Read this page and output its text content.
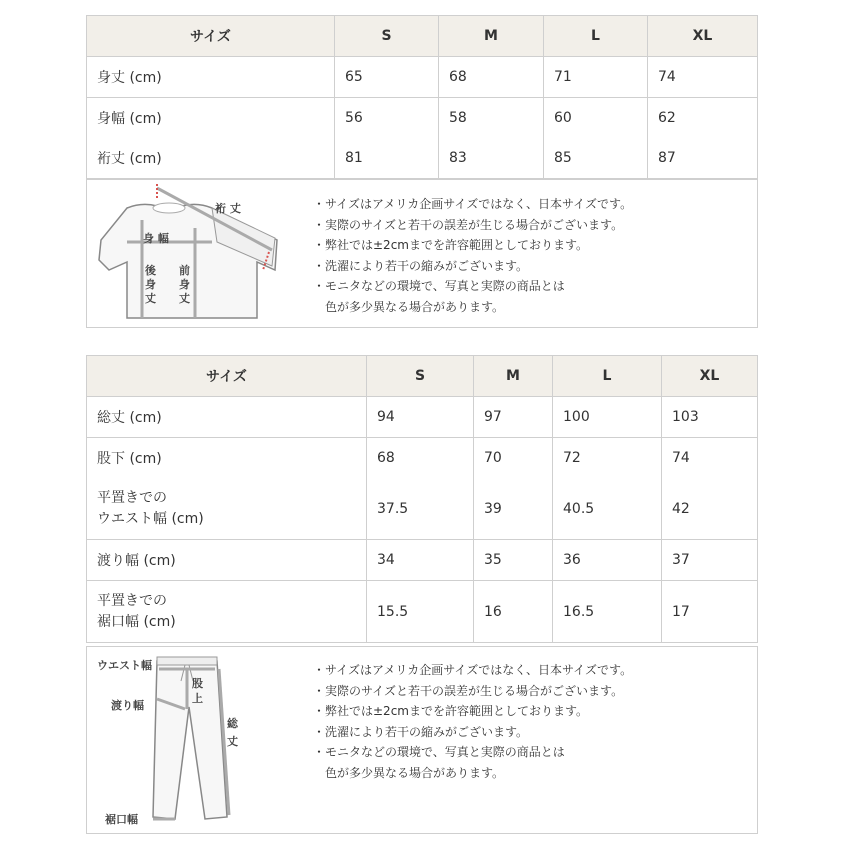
サイズ	S	M	L	XL
身丈 (cm)	65	68	71	74
身幅 (cm)	56	58	60	62
裄丈 (cm)	81	83	85	87
裄 丈
身 幅
後
身
丈
前
身
丈
・サイズはアメリカ企画サイズではなく、日本サイズです。
・実際のサイズと若干の誤差が生じる場合がございます。
・弊社では±2cmまでを許容範囲としております。
・洗濯により若干の縮みがございます。
・モニタなどの環境で、写真と実際の商品とは
　色が多少異なる場合があります。
サイズ	S	M	L	XL
総丈 (cm)	94	97	100	103
股下 (cm)	68	70	72	74

平置きでの
ウエスト幅 (cm)	37.5	39	40.5	42
渡り幅 (cm)	34	35	36	37

平置きでの
裾口幅 (cm)	15.5	16	16.5	17
ウエスト幅
股
上
渡り幅
総
丈
裾口幅
・サイズはアメリカ企画サイズではなく、日本サイズです。
・実際のサイズと若干の誤差が生じる場合がございます。
・弊社では±2cmまでを許容範囲としております。
・洗濯により若干の縮みがございます。
・モニタなどの環境で、写真と実際の商品とは
　色が多少異なる場合があります。
